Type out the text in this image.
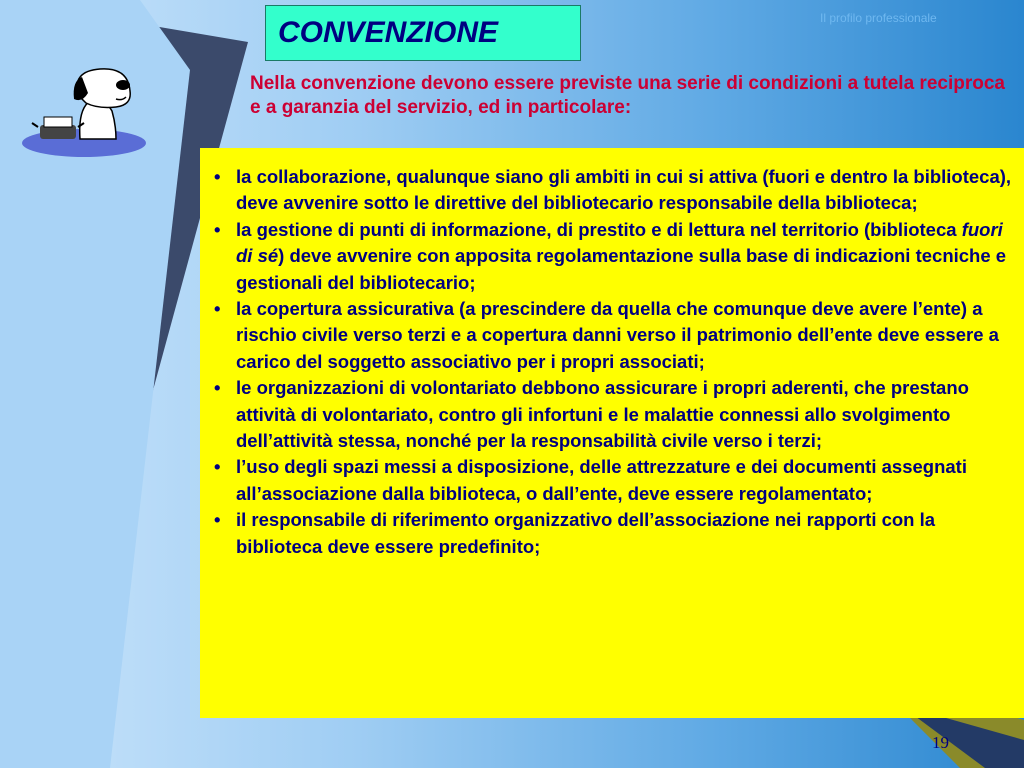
CONVENZIONE	Il profilo professionale
Nella convenzione devono essere previste una serie di condizioni a tutela reciproca e a garanzia del servizio, ed in particolare:
• la collaborazione, qualunque siano gli ambiti in cui si attiva (fuori e dentro la biblioteca), deve avvenire sotto le direttive del bibliotecario responsabile della biblioteca;
• la gestione di punti di informazione, di prestito e di lettura nel territorio (biblioteca fuori di sé) deve avvenire con apposita regolamentazione sulla base di indicazioni tecniche e gestionali del bibliotecario;
• la copertura assicurativa (a prescindere da quella che comunque deve avere l’ente) a rischio civile verso terzi e a copertura danni verso il patrimonio dell’ente deve essere a carico del soggetto associativo per i propri associati;
• le organizzazioni di volontariato debbono assicurare i propri aderenti, che prestano attività di volontariato, contro gli infortuni e le malattie connessi allo svolgimento dell’attività stessa, nonché per la responsabilità civile verso i terzi;
• l’uso degli spazi messi a disposizione, delle attrezzature e dei documenti assegnati all’associazione dalla biblioteca, o dall’ente, deve essere regolamentato;
• il responsabile di riferimento organizzativo dell’associazione nei rapporti con la biblioteca deve essere predefinito;
19
